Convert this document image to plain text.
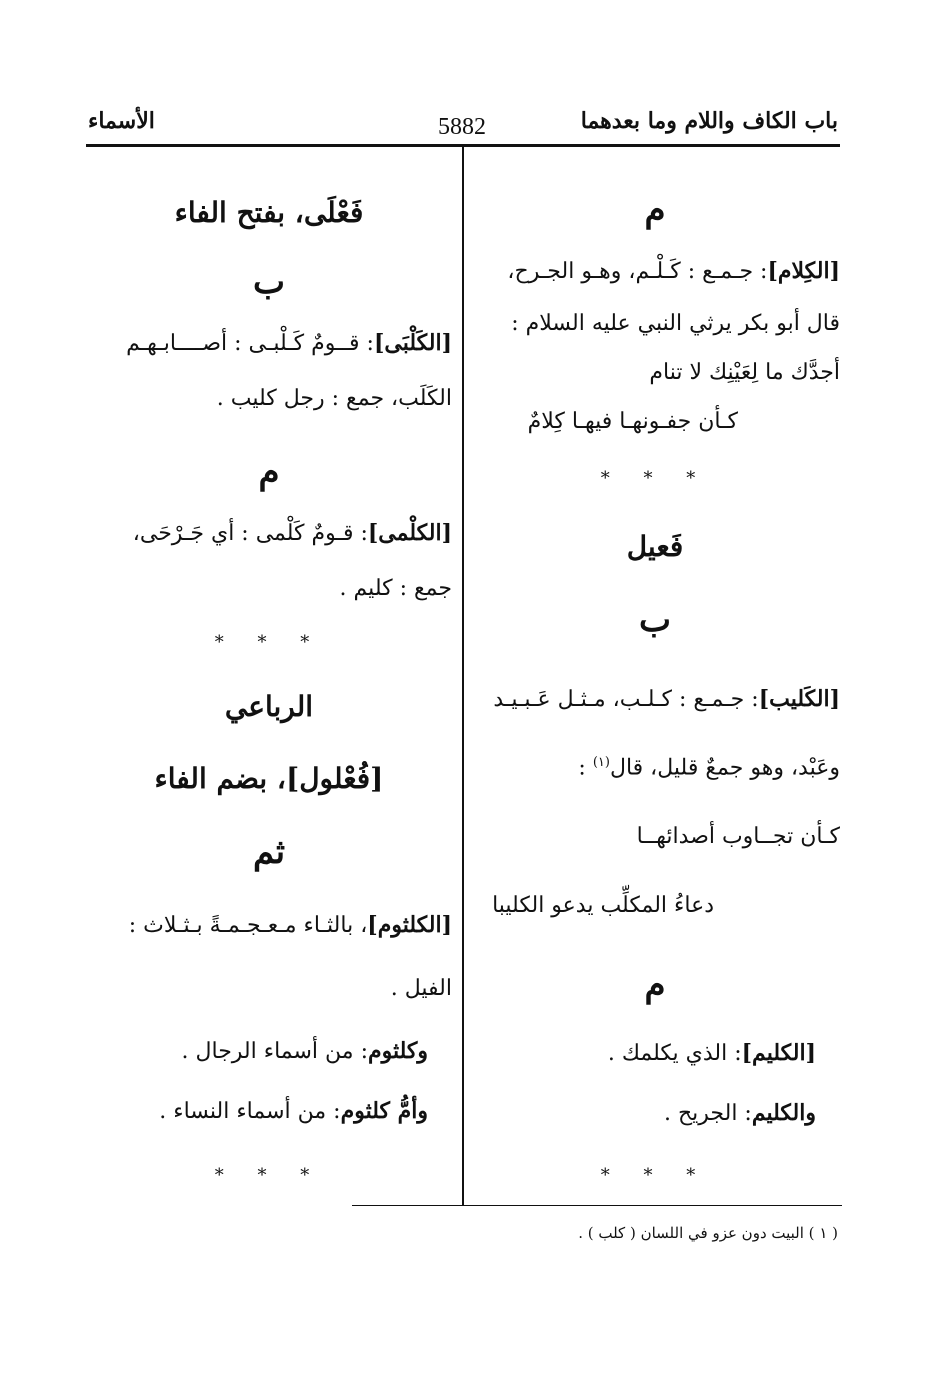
باب الكاف واللام وما بعدهما
5882
الأسماء
م
[الكِلام]: جـمـع : كَـلْـم، وهـو الجـرح،
قال أبو بكر يرثي النبي عليه السلام :
أجدَّك ما لِعَيْنِك لا تنام
كـأن جفـونهـا فيهـا كِلامٌ
* * *
فَعيل
ب
[الكَليب]: جـمـع : كـلـب، مـثـل عَـبـيـد
وعَبْد، وهو جمعٌ قليل، قال$^{(١)}$ :
كـأن تجــاوب أصدائهــا
دعاءُ المكلِّب يدعو الكليبا
م
[الكليم]: الذي يكلمك .
والكليم: الجريح .
* * *
فَعْلَى، بفتح الفاء
ب
[الكَلْبَى]: قــومٌ كَـلْبـى : أصــــابـهـم
الكَلَب، جمع : رجل كليب .
م
[الكلْمى]: قـومٌ كَلْمى : أي جَـرْحَى،
جمع : كليم .
* * *
الرباعي
[فُعْلول]، بضم الفاء
ثم
[الكلثوم]، بالثـاء مـعـجـمـةً بـثـلاث :
الفيل .
وكلثوم: من أسماء الرجال .
وأمُّ كلثوم: من أسماء النساء .
* * *
( ١ ) البيت دون عزو في اللسان ( كلب ) .
